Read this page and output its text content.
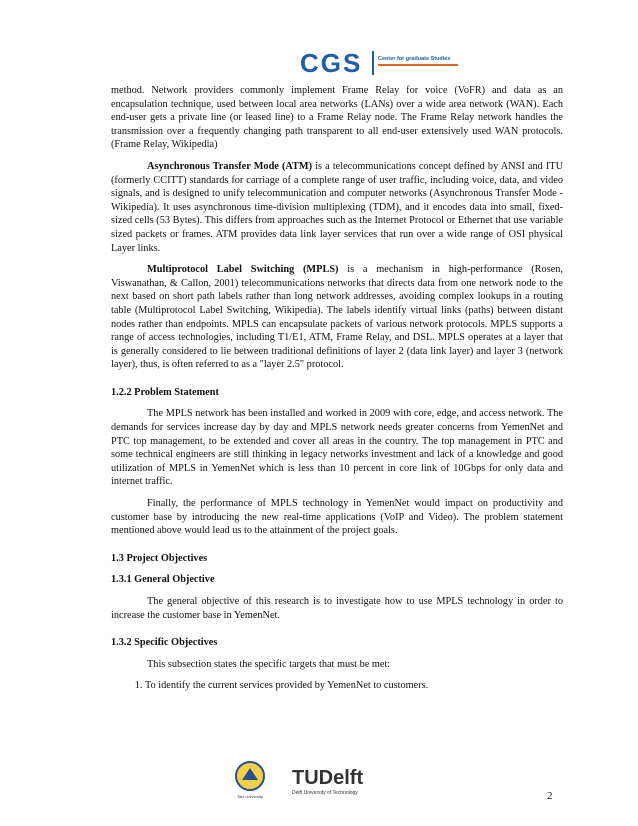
CGS	Center for graduate Studies

method. Network providers commonly implement Frame Relay for voice (VoFR) and data as an encapsulation technique, used between local area networks (LANs) over a wide area network (WAN). Each end-user gets a private line (or leased line) to a Frame Relay node. The Frame Relay network handles the transmission over a frequently changing path transparent to all end-user extensively used WAN protocols. (Frame Relay, Wikipedia)

Asynchronous Transfer Mode (ATM) is a telecommunications concept defined by ANSI and ITU (formerly CCITT) standards for carriage of a complete range of user traffic, including voice, data, and video signals, and is designed to unify telecommunication and computer networks (Asynchronous Transfer Mode - Wikipedia). It uses asynchronous time-division multiplexing (TDM), and it encodes data into small, fixed-sized cells (53 Bytes). This differs from approaches such as the Internet Protocol or Ethernet that use variable sized packets or frames. ATM provides data link layer services that run over a wide range of OSI physical Layer links.

Multiprotocol Label Switching (MPLS) is a mechanism in high-performance (Rosen, Viswanathan, & Callon, 2001) telecommunications networks that directs data from one network node to the next based on short path labels rather than long network addresses, avoiding complex lookups in a routing table (Multiprotocol Label Switching, Wikipedia). The labels identify virtual links (paths) between distant nodes rather than endpoints. MPLS can encapsulate packets of various network protocols. MPLS supports a range of access technologies, including T1/E1, ATM, Frame Relay, and DSL. MPLS operates at a layer that is generally considered to lie between traditional definitions of layer 2 (data link layer) and layer 3 (network layer), thus, is often referred to as a "layer 2.5" protocol.

1.2.2 Problem Statement

The MPLS network has been installed and worked in 2009 with core, edge, and access network. The demands for services increase day by day and MPLS network needs greater concerns from YemenNet and PTC top management, to be extended and cover all areas in the country. The top management in PTC and some technical engineers are still thinking in legacy networks investment and lack of a knowledge and good utilization of MPLS in YemenNet which is less than 10 percent in core link of 10Gbps for only data and internet traffic.

Finally, the performance of MPLS technology in YemenNet would impact on productivity and customer base by introducing the new real-time applications (VoIP and Video). The problem statement mentioned above would lead us to the attainment of the project goals.

1.3 Project Objectives

1.3.1 General Objective

The general objective of this research is to investigate how to use MPLS technology in order to increase the customer base in YemenNet.

1.3.2 Specific Objectives

This subsection states the specific targets that must be met:

1. To identify the current services provided by YemenNet to customers.
Taiz University
TUDelft
Delft University of Technology	2
